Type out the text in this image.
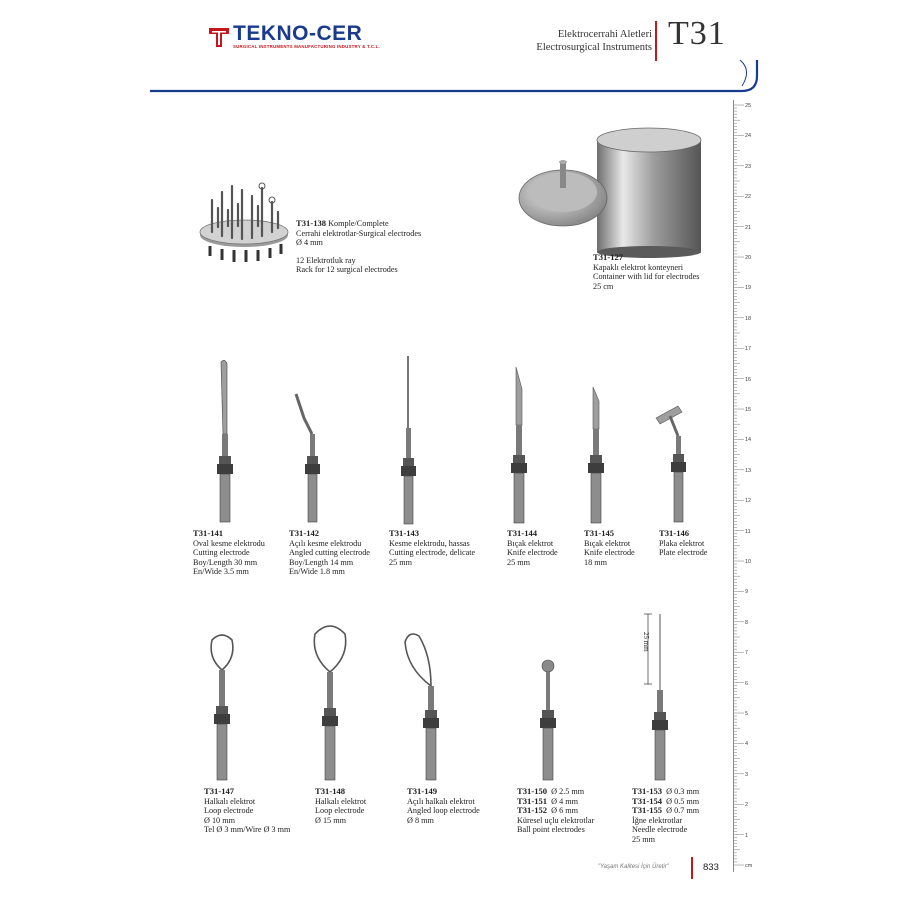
TEKNO-CER
SURGICAL INSTRUMENTS MANUFACTURING INDUSTRY & T.C.L.
Elektrocerrahi Aletleri
Electrosurgical Instruments T31
25
24
23
22
21
20
19
18
17
16
15
14
13
12
11
10
9
8
7
6
5
4
3
2
1
cm
T31-138 Komple/Complete
Cerrahi elektrotlar-Surgical electrodes
Ø 4 mm
12 Elektrotluk ray
Rack for 12 surgical electrodes
T31-127
Kapaklı elektrot konteyneri
Container with lid for electrodes
25 cm
T31-141
Oval kesme elektrodu
Cutting electrode
Boy/Length 30 mm
En/Wide 3.5 mm
T31-142
Açılı kesme elektrodu
Angled cutting electrode
Boy/Length 14 mm
En/Wide 1.8 mm
T31-143
Kesme elektrodu, hassas
Cutting electrode, delicate
25 mm
T31-144
Bıçak elektrot
Knife electrode
25 mm
T31-145
Bıçak elektrot
Knife electrode
18 mm
T31-146
Plaka elektrot
Plate electrode
25 mm
T31-147
Halkalı elektrot
Loop electrode
Ø 10 mm
Tel Ø 3 mm/Wire Ø 3 mm
T31-148
Halkalı elektrot
Loop electrode
Ø 15 mm
T31-149
Açılı halkalı elektrot
Angled loop electrode
Ø 8 mm
T31-150 Ø 2.5 mm
T31-151 Ø 4 mm
T31-152 Ø 6 mm
Küresel uçlu elektrotlar
Ball point electrodes
T31-153 Ø 0.3 mm
T31-154 Ø 0.5 mm
T31-155 Ø 0.7 mm
İğne elektrotlar
Needle electrode
25 mm
"Yaşam Kalitesi İçin Üretir"	833
